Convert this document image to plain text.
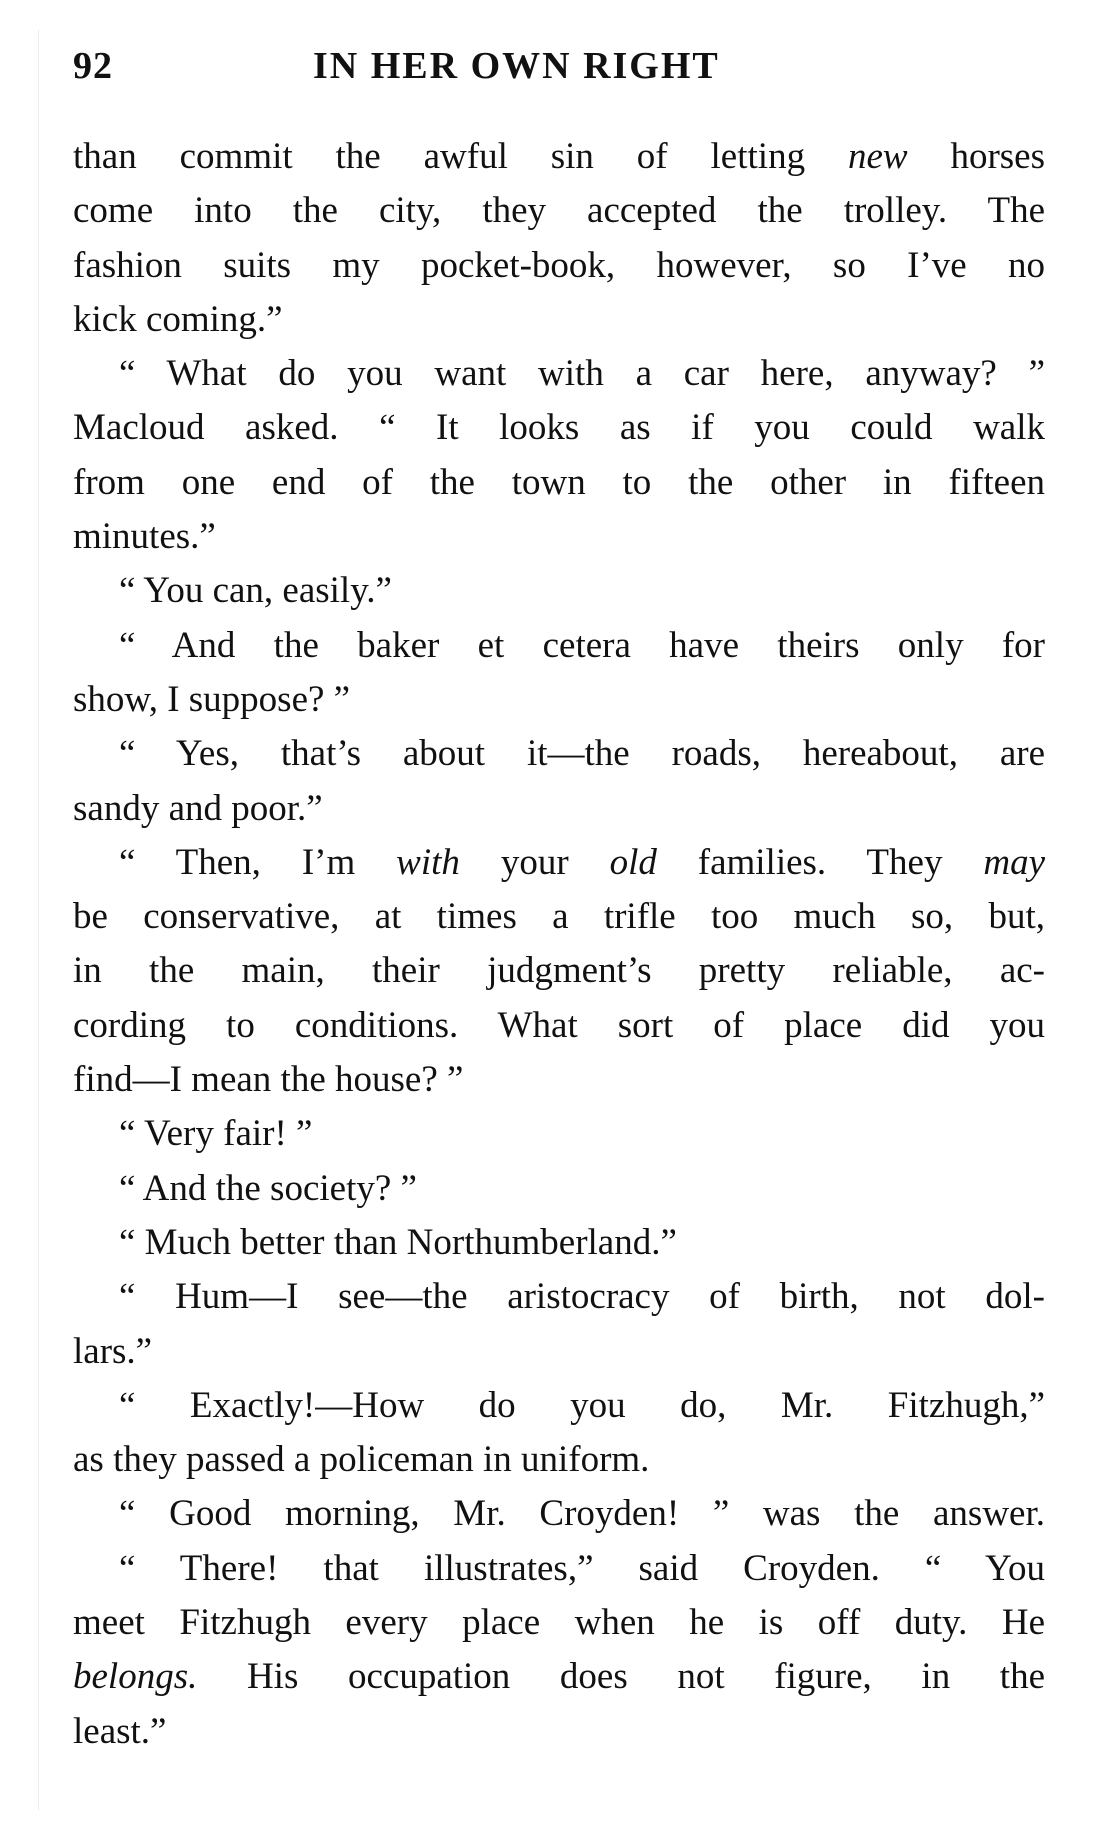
92	IN HER OWN RIGHT
than commit the awful sin of letting new horses
come into the city, they accepted the trolley. The
fashion suits my pocket-book, however, so I’ve no
kick coming.”
“ What do you want with a car here, anyway? ”
Macloud asked. “ It looks as if you could walk
from one end of the town to the other in fifteen
minutes.”
“ You can, easily.”
“ And the baker et cetera have theirs only for
show, I suppose? ”
“ Yes, that’s about it—the roads, hereabout, are
sandy and poor.”
“ Then, I’m with your old families. They may
be conservative, at times a trifle too much so, but,
in the main, their judgment’s pretty reliable, ac-
cording to conditions. What sort of place did you
find—I mean the house? ”
“ Very fair! ”
“ And the society? ”
“ Much better than Northumberland.”
“ Hum—I see—the aristocracy of birth, not dol-
lars.”
“ Exactly!—How do you do, Mr. Fitzhugh,”
as they passed a policeman in uniform.
“ Good morning, Mr. Croyden! ” was the answer.
“ There! that illustrates,” said Croyden. “ You
meet Fitzhugh every place when he is off duty. He
belongs. His occupation does not figure, in the
least.”
